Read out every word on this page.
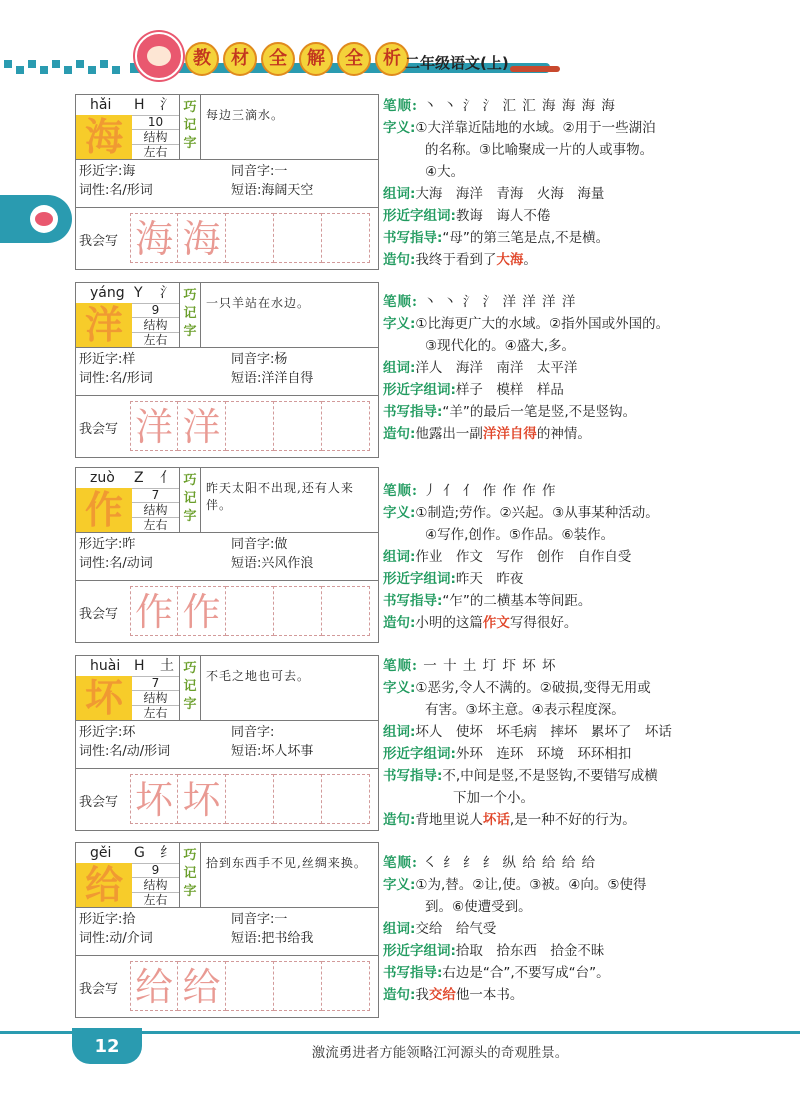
教	材	全	解	全	析 二年级语文(上)
hǎi H 氵
海	10
结构
左右
巧
记
字
每边三滴水。
形近字:诲	同音字:一
词性:名/形词	短语:海阔天空
我会写 海 海
笔顺: 丶 丶 氵 氵 汇 汇 海 海 海 海
字义:①大洋靠近陆地的水域。②用于一些湖泊
的名称。③比喻聚成一片的人或事物。
④大。
组词:大海　海洋　青海　火海　海量
形近字组词:教诲　诲人不倦
书写指导:“母”的第三笔是点,不是横。
造句:我终于看到了大海。
yáng Y 氵
洋	9
结构
左右
巧
记
字
一只羊站在水边。
形近字:样	同音字:杨
词性:名/形词	短语:洋洋自得
我会写 洋 洋
笔顺: 丶 丶 氵 氵 洋 洋 洋 洋
字义:①比海更广大的水域。②指外国或外国的。
③现代化的。④盛大,多。
组词:洋人　海洋　南洋　太平洋
形近字组词:样子　模样　样品
书写指导:“羊”的最后一笔是竖,不是竖钩。
造句:他露出一副洋洋自得的神情。
zuò Z 亻
作	7
结构
左右
巧
记
字
昨天太阳不出现,还有人来伴。
形近字:昨	同音字:做
词性:名/动词	短语:兴风作浪
我会写 作 作
笔顺: 丿 亻 亻 作 作 作 作
字义:①制造;劳作。②兴起。③从事某种活动。
④写作,创作。⑤作品。⑥装作。
组词:作业　作文　写作　创作　自作自受
形近字组词:昨天　昨夜
书写指导:“乍”的二横基本等间距。
造句:小明的这篇作文写得很好。
huài H 土
坏	7
结构
左右
巧
记
字
不毛之地也可去。
形近字:环	同音字:
词性:名/动/形词	短语:坏人坏事
我会写 坏 坏
笔顺: 一 十 土 圢 圷 坏 坏
字义:①恶劣,令人不满的。②破损,变得无用或
有害。③坏主意。④表示程度深。
组词:坏人　使坏　坏毛病　摔坏　累坏了　坏话
形近字组词:外环　连环　环境　环环相扣
书写指导:不,中间是竖,不是竖钩,不要错写成横
下加一个小。
造句:背地里说人坏话,是一种不好的行为。
gěi G 纟
给	9
结构
左右
巧
记
字
拾到东西手不见,丝绸来换。
形近字:拾	同音字:一
词性:动/介词	短语:把书给我
我会写 给 给
笔顺: ㇛ 纟 纟 纟 纵 给 给 给 给
字义:①为,替。②让,使。③被。④向。⑤使得
到。⑥使遭受到。
组词:交给　给气受
形近字组词:拾取　拾东西　拾金不昧
书写指导:右边是“合”,不要写成“台”。
造句:我交给他一本书。
12	激流勇进者方能领略江河源头的奇观胜景。
